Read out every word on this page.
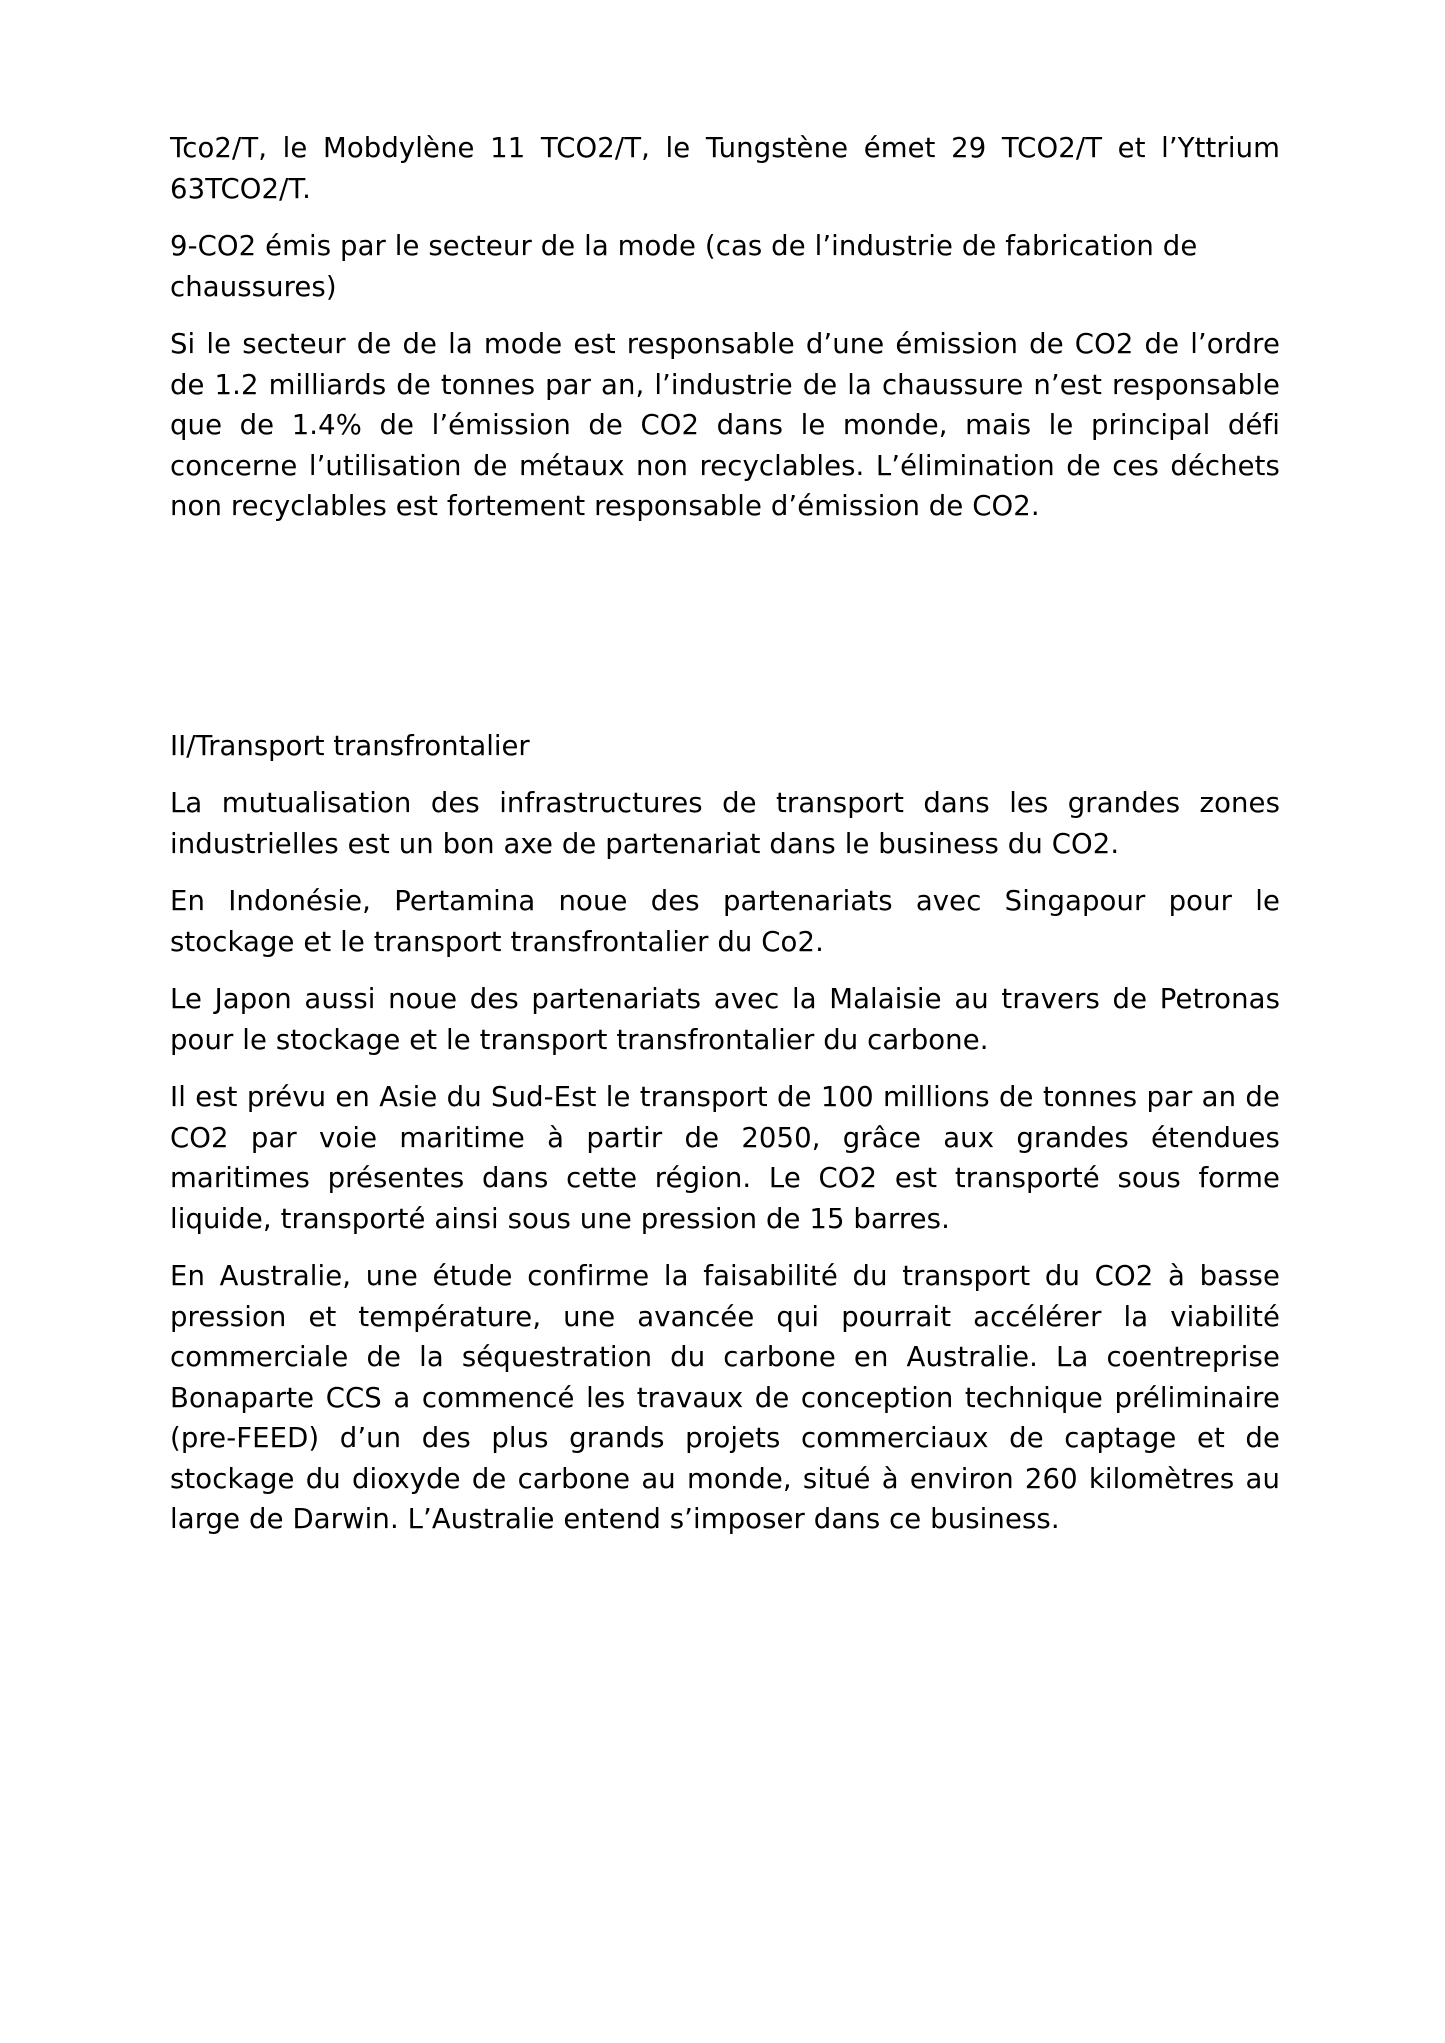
Tco2/T, le Mobdylène 11 TCO2/T, le Tungstène émet 29 TCO2/T et l’Yttrium 63TCO2/T.

9-CO2 émis par le secteur de la mode (cas de l’industrie de fabrication de chaussures)

Si le secteur de de la mode est responsable d’une émission de CO2 de l’ordre de 1.2 milliards de tonnes par an, l’industrie de la chaussure n’est responsable que de 1.4% de l’émission de CO2 dans le monde, mais le principal défi concerne l’utilisation de métaux non recyclables. L’élimination de ces déchets non recyclables est fortement responsable d’émission de CO2.

II/Transport transfrontalier

La mutualisation des infrastructures de transport dans les grandes zones industrielles est un bon axe de partenariat dans le business du CO2.

En Indonésie, Pertamina noue des partenariats avec Singapour pour le stockage et le transport transfrontalier du Co2.

Le Japon aussi noue des partenariats avec la Malaisie au travers de Petronas pour le stockage et le transport transfrontalier du carbone.

Il est prévu en Asie du Sud-Est le transport de 100 millions de tonnes par an de CO2 par voie maritime à partir de 2050, grâce aux grandes étendues maritimes présentes dans cette région. Le CO2 est transporté sous forme liquide, transporté ainsi sous une pression de 15 barres.

En Australie, une étude confirme la faisabilité du transport du CO2 à basse pression et température, une avancée qui pourrait accélérer la viabilité commerciale de la séquestration du carbone en Australie. La coentreprise Bonaparte CCS a commencé les travaux de conception technique préliminaire (pre-FEED) d’un des plus grands projets commerciaux de captage et de stockage du dioxyde de carbone au monde, situé à environ 260 kilomètres au large de Darwin. L’Australie entend s’imposer dans ce business.
